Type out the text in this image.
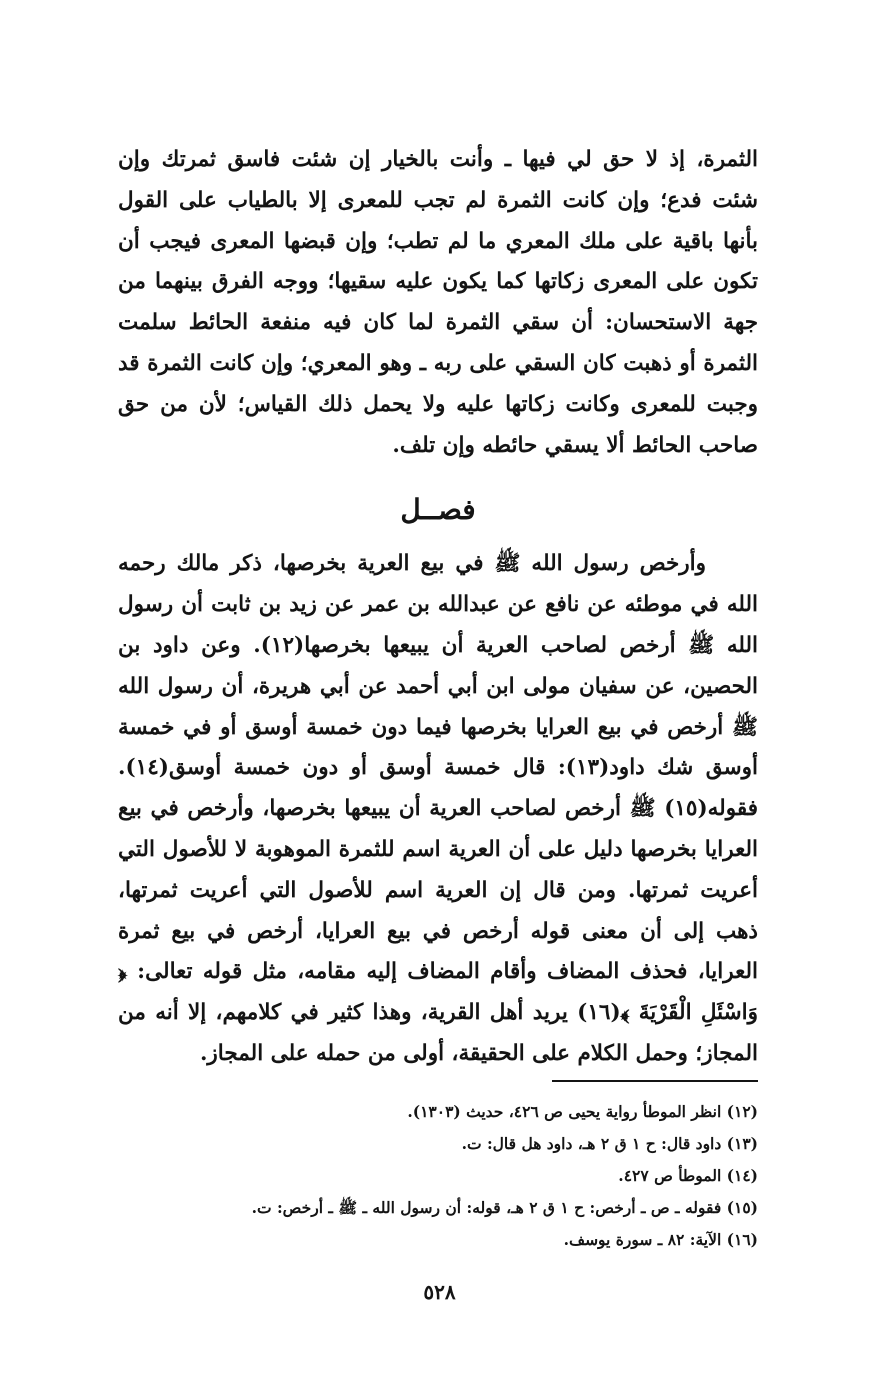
الثمرة، إذ لا حق لي فيها ـ وأنت بالخيار إن شئت فاسق ثمرتك وإن شئت فدع؛ وإن كانت الثمرة لم تجب للمعرى إلا بالطياب على القول بأنها باقية على ملك المعري ما لم تطب؛ وإن قبضها المعرى فيجب أن تكون على المعرى زكاتها كما يكون عليه سقيها؛ ووجه الفرق بينهما من جهة الاستحسان: أن سقي الثمرة لما كان فيه منفعة الحائط سلمت الثمرة أو ذهبت كان السقي على ربه ـ وهو المعري؛ وإن كانت الثمرة قد وجبت للمعرى وكانت زكاتها عليه ولا يحمل ذلك القياس؛ لأن من حق صاحب الحائط ألا يسقي حائطه وإن تلف.

فصــل

وأرخص رسول الله ﷺ في بيع العرية بخرصها، ذكر مالك رحمه الله في موطئه عن نافع عن عبدالله بن عمر عن زيد بن ثابت أن رسول الله ﷺ أرخص لصاحب العرية أن يبيعها بخرصها(١٢). وعن داود بن الحصين، عن سفيان مولى ابن أبي أحمد عن أبي هريرة، أن رسول الله ﷺ أرخص في بيع العرايا بخرصها فيما دون خمسة أوسق أو في خمسة أوسق شك داود(١٣): قال خمسة أوسق أو دون خمسة أوسق(١٤). فقوله(١٥) ﷺ أرخص لصاحب العرية أن يبيعها بخرصها، وأرخص في بيع العرايا بخرصها دليل على أن العرية اسم للثمرة الموهوبة لا للأصول التي أعريت ثمرتها. ومن قال إن العرية اسم للأصول التي أعريت ثمرتها، ذهب إلى أن معنى قوله أرخص في بيع العرايا، أرخص في بيع ثمرة العرايا، فحذف المضاف وأقام المضاف إليه مقامه، مثل قوله تعالى: ﴿ وَاسْئَلِ الْقَرْيَةَ ﴾(١٦) يريد أهل القرية، وهذا كثير في كلامهم، إلا أنه من المجاز؛ وحمل الكلام على الحقيقة، أولى من حمله على المجاز.

(١٢) انظر الموطأ رواية يحيى ص ٤٢٦، حديث (١٣٠٣).

(١٣) داود قال: ح ١ ق ٢ هـ، داود هل قال: ت.

(١٤) الموطأ ص ٤٢٧.

(١٥) فقوله ـ ص ـ أرخص: ح ١ ق ٢ هـ، قوله: أن رسول الله ـ ﷺ ـ أرخص: ت.

(١٦) الآية: ٨٢ ـ سورة يوسف.

٥٢٨
